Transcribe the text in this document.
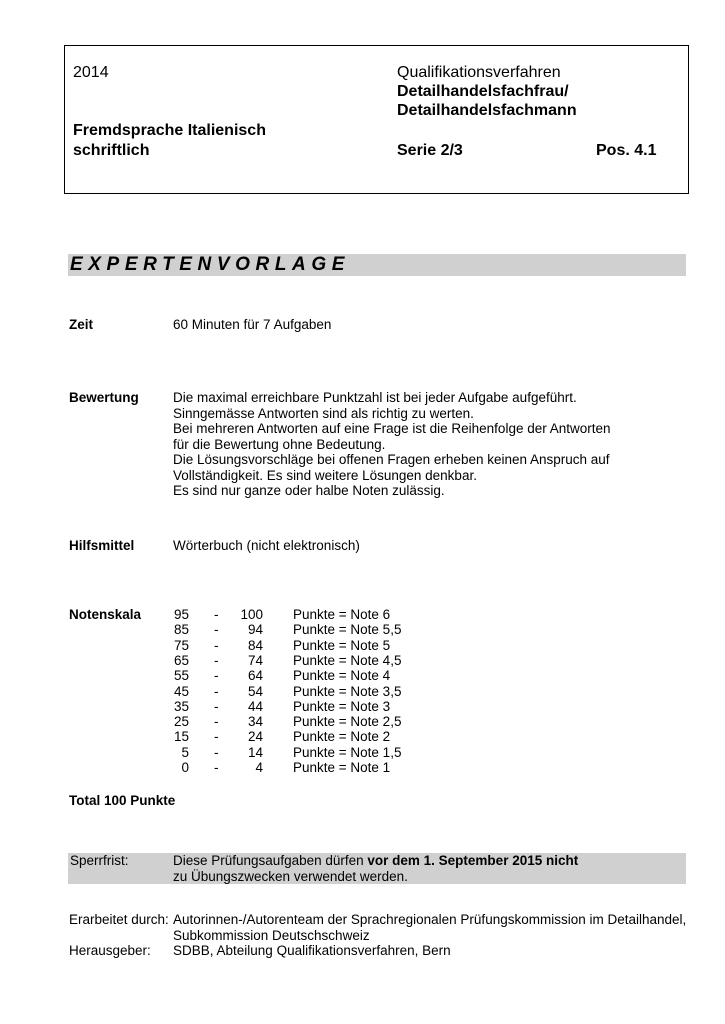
2014
Fremdsprache Italienisch
schriftlich
Qualifikationsverfahren
Detailhandelsfachfrau/
Detailhandelsfachmann
Serie 2/3	Pos. 4.1
EXPERTENVORLAGE
Zeit	60 Minuten für 7 Aufgaben
Bewertung	Die maximal erreichbare Punktzahl ist bei jeder Aufgabe aufgeführt.
Sinngemässe Antworten sind als richtig zu werten.
Bei mehreren Antworten auf eine Frage ist die Reihenfolge der Antworten
für die Bewertung ohne Bedeutung.
Die Lösungsvorschläge bei offenen Fragen erheben keinen Anspruch auf
Vollständigkeit. Es sind weitere Lösungen denkbar.
Es sind nur ganze oder halbe Noten zulässig.
Hilfsmittel	Wörterbuch (nicht elektronisch)
Notenskala 95 -	100 Punkte = Note 6
85 -	94 Punkte = Note 5,5
75 -	84 Punkte = Note 5
65 -	74 Punkte = Note 4,5
55 -	64 Punkte = Note 4
45 -	54 Punkte = Note 3,5
35 -	44 Punkte = Note 3
25 -	34 Punkte = Note 2,5
15 -	24 Punkte = Note 2
5 -	14 Punkte = Note 1,5
0 -	4 Punkte = Note 1
Total 100 Punkte
Sperrfrist:	Diese Prüfungsaufgaben dürfen vor dem 1. September 2015 nicht
zu Übungszwecken verwendet werden.
Erarbeitet durch: Autorinnen-/Autorenteam der Sprachregionalen Prüfungskommission im Detailhandel,
Subkommission Deutschschweiz
Herausgeber: SDBB, Abteilung Qualifikationsverfahren, Bern
